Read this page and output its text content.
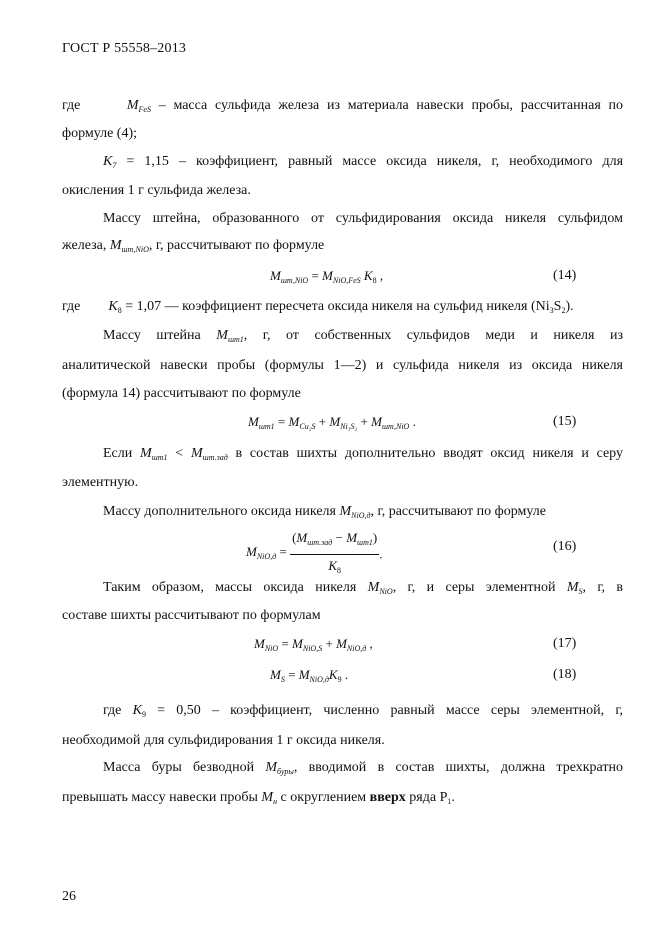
ГОСТ Р 55558–2013
где	$M_{FeS}$ – масса сульфида железа из материала навески пробы, рассчитанная по
формуле (4);
$K_7 = 1,15$ – коэффициент, равный массе оксида никеля, г, необходимого для
окисления 1 г сульфида железа.
Массу штейна, образованного от сульфидирования оксида никеля сульфидом
железа, $M_{шт,NiO}$, г, рассчитывают по формуле
$M_{шт,NiO} = M_{NiO,FeS}$ $K_8$ ,	(14)
где $K_8 = 1,07$ — коэффициент пересчета оксида никеля на сульфид никеля $(Ni_3S_2)$.
Массу штейна $M_{шт1}$, г, от собственных сульфидов меди и никеля из
аналитической навески пробы (формулы 1—2) и сульфида никеля из оксида никеля
(формула 14) рассчитывают по формуле
$M_{шт1} = M_{Cu_2S} + M_{Ni_3S_2} + M_{шт,NiO}$ .	(15)
Если $M_{шт1} < M_{шт.зад}$ в состав шихты дополнительно вводят оксид никеля и серу
элементную.
Массу дополнительного оксида никеля $M_{NiO,д}$, г, рассчитывают по формуле
$M_{NiO,д} = \frac{(M_{шт.зад} - M_{шт1})}{K_8}$ .	(16)
Таким образом, массы оксида никеля $M_{NiO}$, г, и серы элементной $M_S$, г, в
составе шихты рассчитывают по формулам
$M_{NiO} = M_{NiO,S} + M_{NiO,д}$ ,	(17)
$M_S = M_{NiO,д}K_9$ .	(18)
где $K_9 = 0,50$ – коэффициент, численно равный массе серы элементной, г,
необходимой для сульфидирования 1 г оксида никеля.
Масса буры безводной $M_{буры}$, вводимой в состав шихты, должна трехкратно
превышать массу навески пробы $M_н$ с округлением вверх ряда $Р_1$.
26
